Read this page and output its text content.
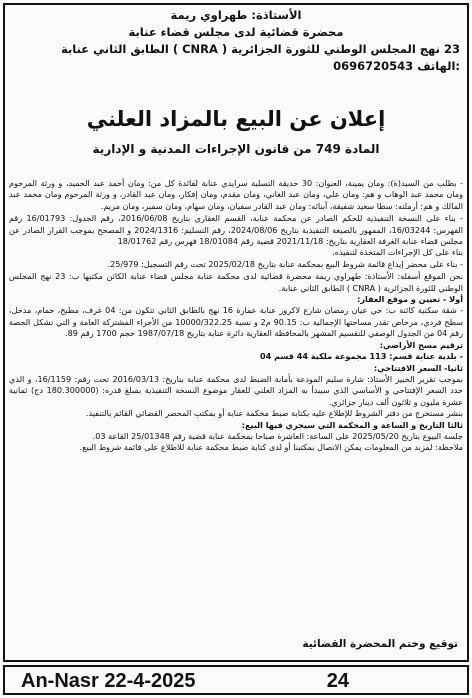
الأستاذة: طهراوي ريمة
محضرة قضائية لدى مجلس قضاء عنابة
23 نهج المجلس الوطني للثورة الجزائرية ( CNRA ) الطابق الثاني عنابة
0696720543 الهاتف:
إعلان عن البيع بالمزاد العلني
المادة 749 من قانون الإجراءات المدنية و الإدارية

- بطلب من السيد(ة): ومان يمينة، العنوان: 30 حديقة التسلية سرايدي عنابة لفائدة كل من: ومان أحمد عبد الحميد، و ورثة المرحوم ومان محمد عبد الوهاب و هم: ومان علي، ومان عبد الغاني، ومان مقدم، ومان إفكار، ومان عبد القادر، و ورثة المرحوم ومان محمد عبد المالك و هم: أرملته: سطا سعيد شفيقة، أبنائه: ومان عبد القادر سفيان، ومان سهام، ومان سمير، ومان مريم.

- بناء على النسخة التنفيذية للحكم الصادر عن محكمة عنابة، القسم العقاري بتاريخ 2016/06/08، رقم الجدول: 16/01793 رقم الفهرس: 16/03244، الممهور بالصيغة التنفيذية بتاريخ 2024/08/06، رقم التسليم: 2024/1316 و المصحح بموجب القرار الصادر عن مجلس قضاء عنابة الغرفة العقارية بتاريخ: 2021/11/18 قضية رقم 18/01084 فهرس رقم 18/01762

بناء على كل الإجراءات المتخذة لتنفيذه.

- بناء على محضر إيداع قائمة شروط البيع بمحكمة عنابة بتاريخ 2025/02/18 تحت رقم التسجيل: 25/979.

نحن الموقع أسفله: الأستاذة: طهراوي ريمة محضرة قضائية لدى محكمة عنابة مجلس قضاء عنابة الكائن مكتبها ب: 23 نهج المجلس الوطني للثورة الجزائرية ( CNRA ) الطابق الثاني عنابة.

أولا - تعيين و موقع العقار:

- شقة سكنية كائنة ب: حي عيان رمضان شارع لاكروز عنابة عمارة 16 نهج بالطابق الثاني تتكون من: 04 غرف، مطبخ، حمام، مدخل، سطح فردي، مرحاض تقدر مساحتها الإجمالية ب: 90.15 م2 و نسبة 10000/322.25 من الأجزاء المشتركة العامة و التي تشكل الحصة رقم 04 من الجدول الوصفي للتقسيم المشهر بالمحافظة العقارية دائرة عنابة بتاريخ 1987/07/18 حجم 1700 رقم 89.

ترقيم مسح الأراضي:

- بلدية عنابة قسم: 113 مجموعة ملكية 44 قسم 04

ثانيا- السعر الافتتاحي:

بموجب تقرير الخبير الأستاذ: شارة سليم المودعة بأمانة الضبط لدى محكمة عنابة بتاريخ: 2016/03/13 تحت رقم: 16/1159، و الذي حدد السعر الإفتتاحي و الأساسي الذي سيبدأ به المزاد العلني للعقار موضوع النسخة التنفيذية بمبلغ قدره: (180.300000 دج) ثمانية عشرة مليون و ثلاثون ألف دينار جزائري.

بنشر مستخرج من دفتر الشروط للإطلاع عليه بكتابة ضبط محكمة عنابة أو بمكتب المحضر القضائي القائم بالتنفيذ.

ثالثا التاريخ و الساعة و المحكمة التي سيجري فيها البيع:

جلسة البيوع بتاريخ 2025/05/20 على الساعة: العاشرة صباحا بمحكمة عنابة قضية رقم 25/01348 القاعة 03.

ملاحظة: لمزيد من المعلومات يمكن الاتصال بمكتبنا أو لدى كتابة ضبط محكمة عنابة للاطلاع على قائمة شروط البيع.

توقيع وختم المحضرة القضائية
An-Nasr 22-4-2025	24
